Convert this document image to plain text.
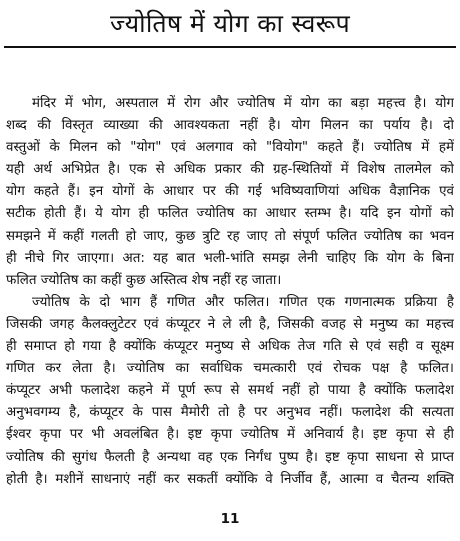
ज्योतिष में योग का स्वरूप
मंदिर में भोग, अस्पताल में रोग और ज्योतिष में योग का बड़ा महत्त्व है। योग
शब्द की विस्तृत व्याख्या की आवश्यकता नहीं है। योग मिलन का पर्याय है। दो
वस्तुओं के मिलन को "योग" एवं अलगाव को "वियोग" कहते हैं। ज्योतिष में हमें
यही अर्थ अभिप्रेत है। एक से अधिक प्रकार की ग्रह-स्थितियों में विशेष तालमेल को
योग कहते हैं। इन योगों के आधार पर की गई भविष्यवाणियां अधिक वैज्ञानिक एवं
सटीक होती हैं। ये योग ही फलित ज्योतिष का आधार स्तम्भ है। यदि इन योगों को
समझने में कहीं गलती हो जाए, कुछ त्रुटि रह जाए तो संपूर्ण फलित ज्योतिष का भवन
ही नीचे गिर जाएगा। अत: यह बात भली-भांति समझ लेनी चाहिए कि योग के बिना
फलित ज्योतिष का कहीं कुछ अस्तित्व शेष नहीं रह जाता।
ज्योतिष के दो भाग हैं गणित और फलित। गणित एक गणनात्मक प्रक्रिया है
जिसकी जगह कैलक्लुटेटर एवं कंप्यूटर ने ले ली है, जिसकी वजह से मनुष्य का महत्त्व
ही समाप्त हो गया है क्योंकि कंप्यूटर मनुष्य से अधिक तेज गति से एवं सही व सूक्ष्म
गणित कर लेता है। ज्योतिष का सर्वाधिक चमत्कारी एवं रोचक पक्ष है फलित।
कंप्यूटर अभी फलादेश कहने में पूर्ण रूप से समर्थ नहीं हो पाया है क्योंकि फलादेश
अनुभवगम्य है, कंप्यूटर के पास मैमोरी तो है पर अनुभव नहीं। फलादेश की सत्यता
ईश्वर कृपा पर भी अवलंबित है। इष्ट कृपा ज्योतिष में अनिवार्य है। इष्ट कृपा से ही
ज्योतिष की सुगंध फैलती है अन्यथा वह एक निर्गंध पुष्प है। इष्ट कृपा साधना से प्राप्त
होती है। मशीनें साधनाएं नहीं कर सकतीं क्योंकि वे निर्जीव हैं, आत्मा व चैतन्य शक्ति
11
